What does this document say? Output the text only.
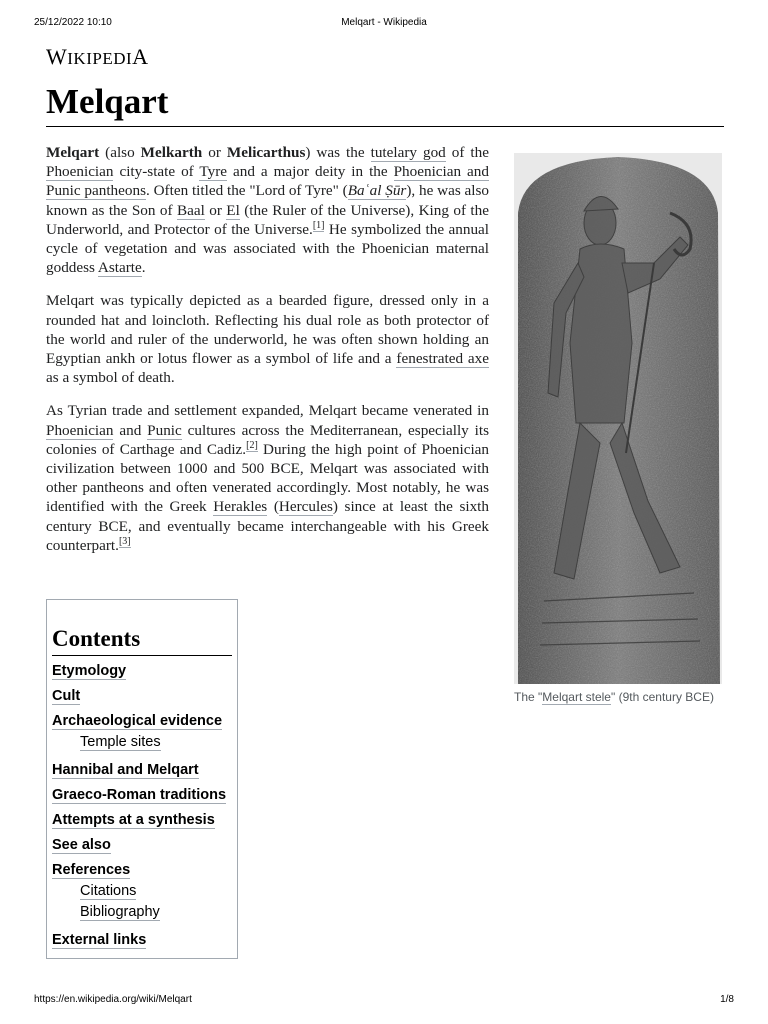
25/12/2022 10:10	Melqart - Wikipedia
WIKIPEDIA
Melqart

Melqart (also Melkarth or Melicarthus) was the tutelary god of the Phoenician city-state of Tyre and a major deity in the Phoenician and Punic pantheons. Often titled the "Lord of Tyre" (Baʿal Ṣūr), he was also known as the Son of Baal or El (the Ruler of the Universe), King of the Underworld, and Protector of the Universe.[1] He symbolized the annual cycle of vegetation and was associated with the Phoenician maternal goddess Astarte.

Melqart was typically depicted as a bearded figure, dressed only in a rounded hat and loincloth. Reflecting his dual role as both protector of the world and ruler of the underworld, he was often shown holding an Egyptian ankh or lotus flower as a symbol of life and a fenestrated axe as a symbol of death.

As Tyrian trade and settlement expanded, Melqart became venerated in Phoenician and Punic cultures across the Mediterranean, especially its colonies of Carthage and Cadiz.[2] During the high point of Phoenician civilization between 1000 and 500 BCE, Melqart was associated with other pantheons and often venerated accordingly. Most notably, he was identified with the Greek Herakles (Hercules) since at least the sixth century BCE, and eventually became interchangeable with his Greek counterpart.[3]

The "Melqart stele" (9th century BCE)
Contents
Etymology
Cult
Archaeological evidence
Temple sites
Hannibal and Melqart
Graeco-Roman traditions
Attempts at a synthesis
See also
References
Citations
Bibliography
External links
https://en.wikipedia.org/wiki/Melqart	1/8
